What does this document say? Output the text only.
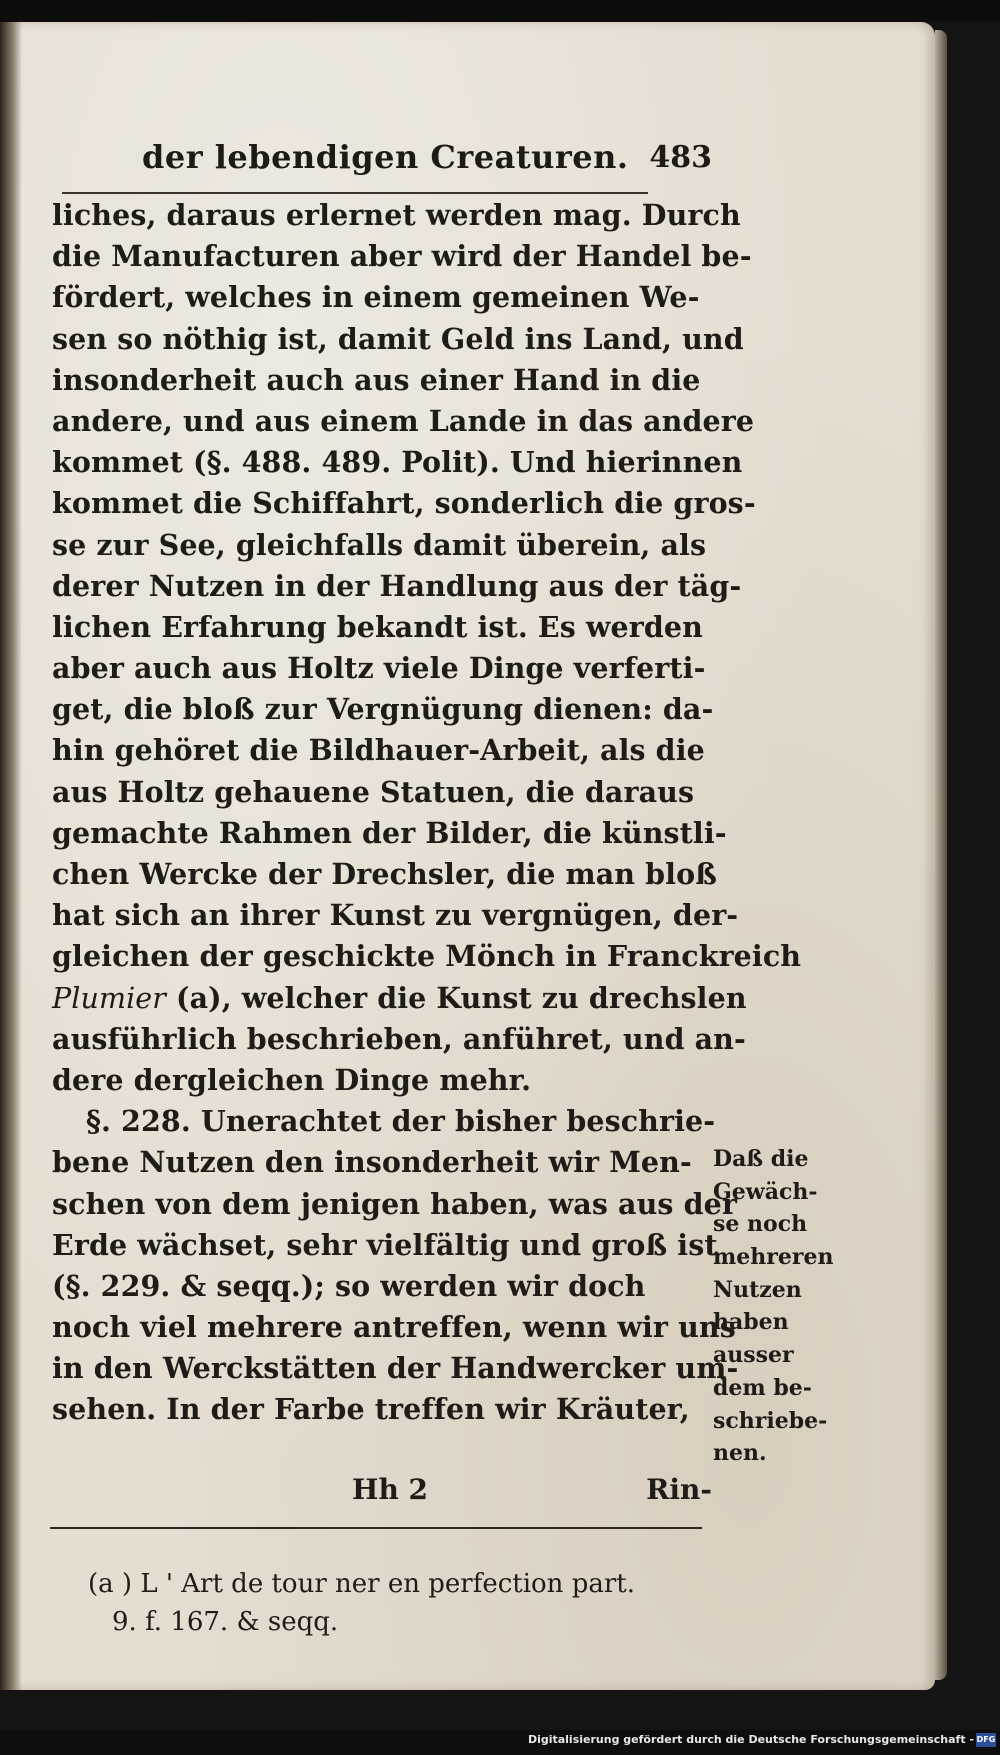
der lebendigen Creaturen. 483
liches, daraus erlernet werden mag. Durch
die Manufacturen aber wird der Handel be-
fördert, welches in einem gemeinen We-
sen so nöthig ist, damit Geld ins Land, und
insonderheit auch aus einer Hand in die
andere, und aus einem Lande in das andere
kommet (§. 488. 489. Polit). Und hierinnen
kommet die Schiffahrt, sonderlich die gros-
se zur See, gleichfalls damit überein, als
derer Nutzen in der Handlung aus der täg-
lichen Erfahrung bekandt ist. Es werden
aber auch aus Holtz viele Dinge verferti-
get, die bloß zur Vergnügung dienen: da-
hin gehöret die Bildhauer-Arbeit, als die
aus Holtz gehauene Statuen, die daraus
gemachte Rahmen der Bilder, die künstli-
chen Wercke der Drechsler, die man bloß
hat sich an ihrer Kunst zu vergnügen, der-
gleichen der geschickte Mönch in Franckreich
Plumier (a), welcher die Kunst zu drechslen
ausführlich beschrieben, anführet, und an-
dere dergleichen Dinge mehr.
§. 228. Unerachtet der bisher beschrie-
bene Nutzen den insonderheit wir Men-
schen von dem jenigen haben, was aus der
Erde wächset, sehr vielfältig und groß ist
(§. 229. & seqq.); so werden wir doch
noch viel mehrere antreffen, wenn wir uns
in den Werckstätten der Handwercker um-
sehen. In der Farbe treffen wir Kräuter,
Daß die
Gewäch-
se noch
mehreren
Nutzen
haben
ausser
dem be-
schriebe-
nen.
Hh 2	Rin-
(a ) L ' Art de tour ner en perfection part.
9. f. 167. & seqq.
Digitalisierung gefördert durch die Deutsche Forschungsgemeinschaft - DFG
